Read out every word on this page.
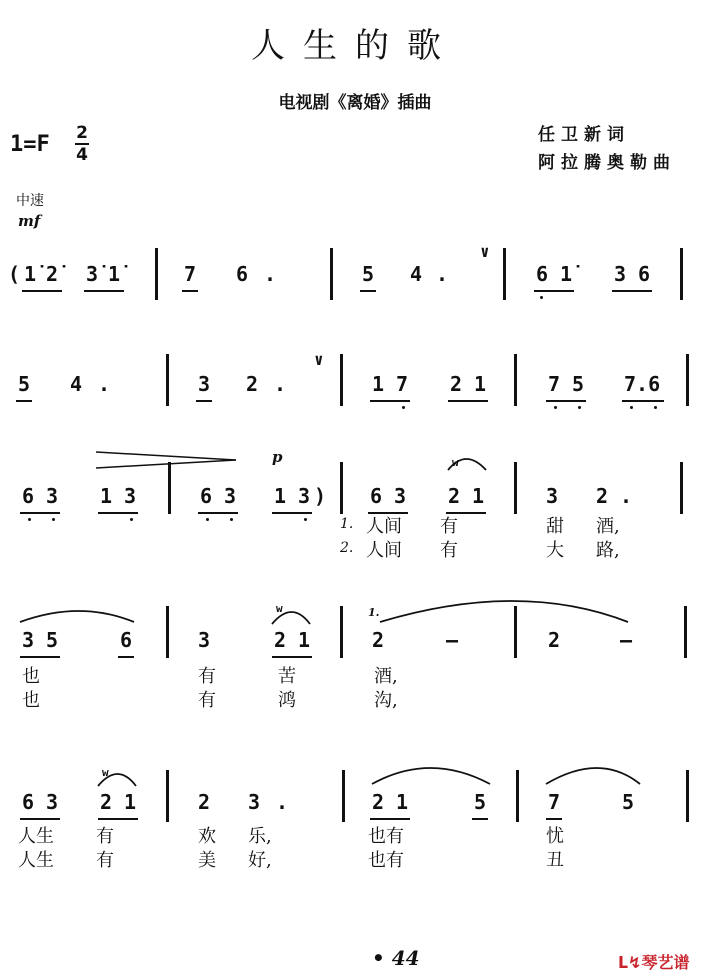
人生的歌
电视剧《离婚》插曲
1=F 2
4
任卫新词
阿拉腾奥勒曲
中速
mf
p
( 1̇ 2̇ 3̇ 1̇	7 6 .	5 4 .
∨
6 1̇ 3 6
5 4 .	3 2 .
∨
1 7 2 1	7 5 7.6
6 3 1 3	6 3 1 3 ) 6 3 2 1
w
3 2 .
1. 人间 有	甜 酒,
2. 人间 有	大 路,
3 5	6	3	2 1
w	1.
2	–	2	–
也	有	苦	酒,
也	有	鸿	沟,
6 3 2 1
w
2 3 .	2 1	5	7	5
人生 有	欢 乐,	也有	忧
人生 有	美 好,	也有	丑
• 44	ᒪ↯琴艺谱
